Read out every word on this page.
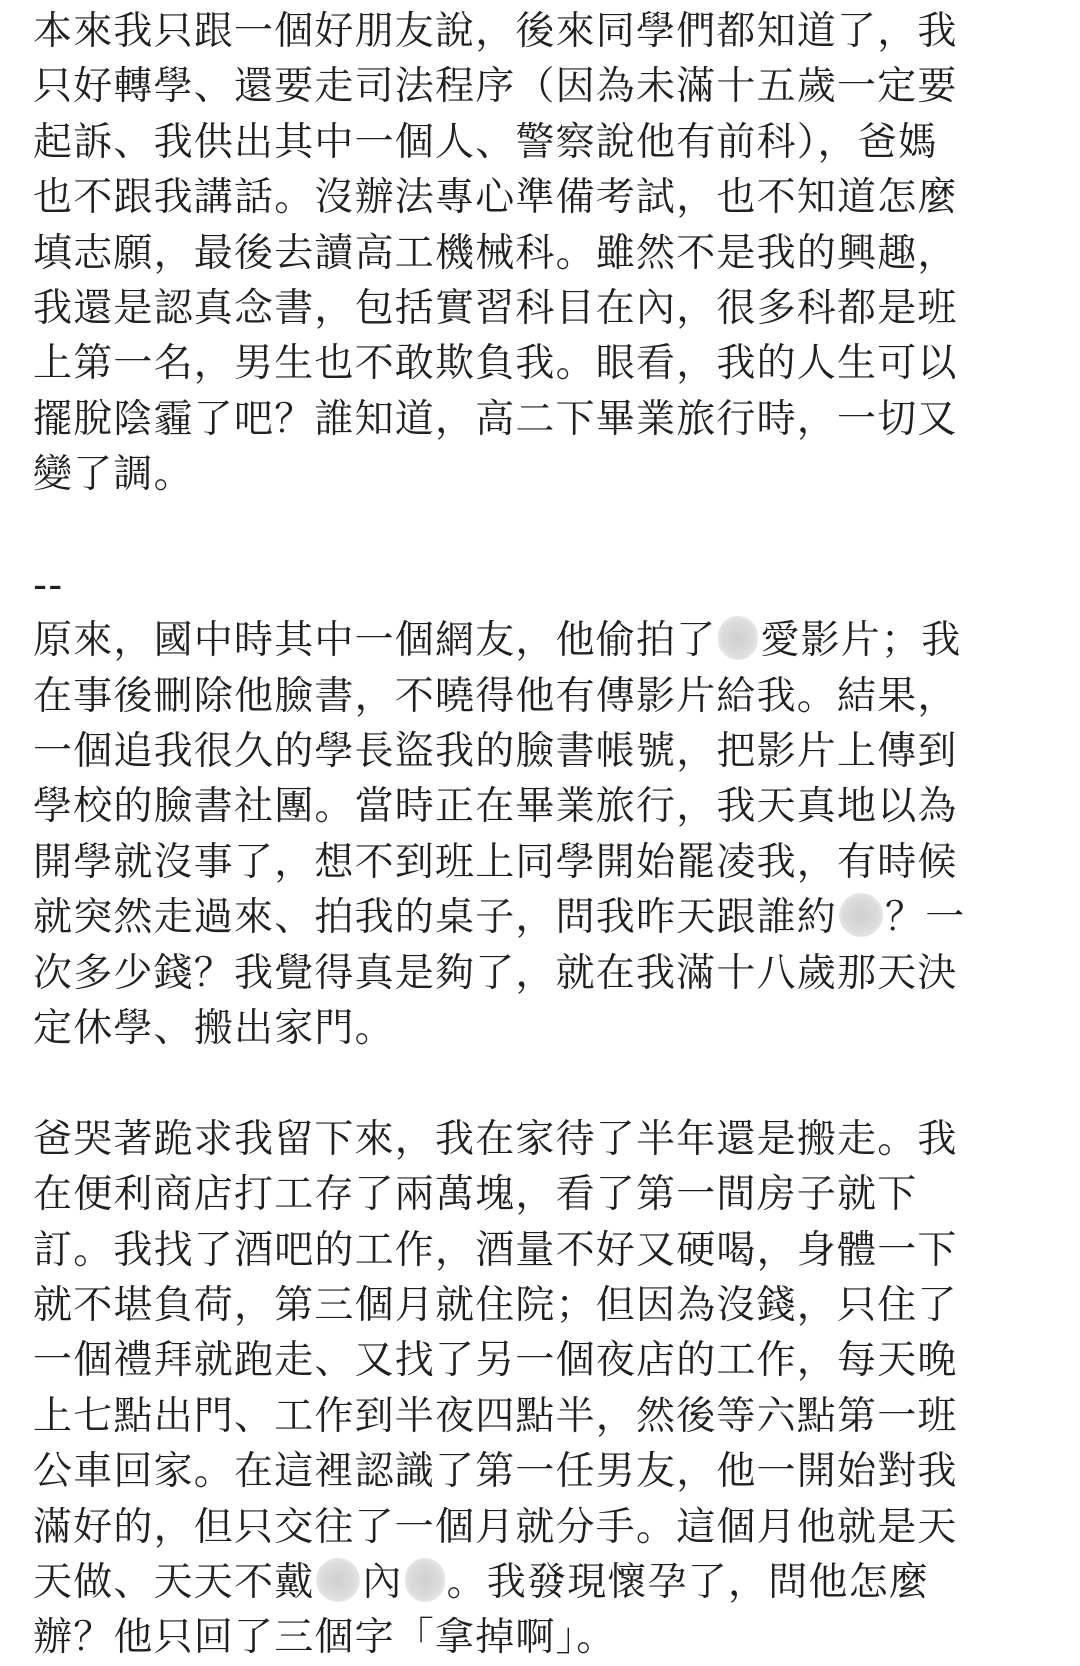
本來我只跟一個好朋友說，後來同學們都知道了，我
只好轉學、還要走司法程序（因為未滿十五歲一定要
起訴、我供出其中一個人、警察說他有前科），爸媽
也不跟我講話。沒辦法專心準備考試，也不知道怎麼
填志願，最後去讀高工機械科。雖然不是我的興趣，
我還是認真念書，包括實習科目在內，很多科都是班
上第一名，男生也不敢欺負我。眼看，我的人生可以
擺脫陰霾了吧？誰知道，高二下畢業旅行時，一切又
變了調。
--
原來，國中時其中一個網友，他偷拍了 愛影片；我
在事後刪除他臉書，不曉得他有傳影片給我。結果，
一個追我很久的學長盜我的臉書帳號，把影片上傳到
學校的臉書社團。當時正在畢業旅行，我天真地以為
開學就沒事了，想不到班上同學開始罷凌我，有時候
就突然走過來、拍我的桌子，問我昨天跟誰約 ？一
次多少錢？我覺得真是夠了，就在我滿十八歲那天決
定休學、搬出家門。
爸哭著跪求我留下來，我在家待了半年還是搬走。我
在便利商店打工存了兩萬塊，看了第一間房子就下
訂。我找了酒吧的工作，酒量不好又硬喝，身體一下
就不堪負荷，第三個月就住院；但因為沒錢，只住了
一個禮拜就跑走、又找了另一個夜店的工作，每天晚
上七點出門、工作到半夜四點半，然後等六點第一班
公車回家。在這裡認識了第一任男友，他一開始對我
滿好的，但只交往了一個月就分手。這個月他就是天
天做、天天不戴 內 。我發現懷孕了，問他怎麼
辦？他只回了三個字「拿掉啊」。
